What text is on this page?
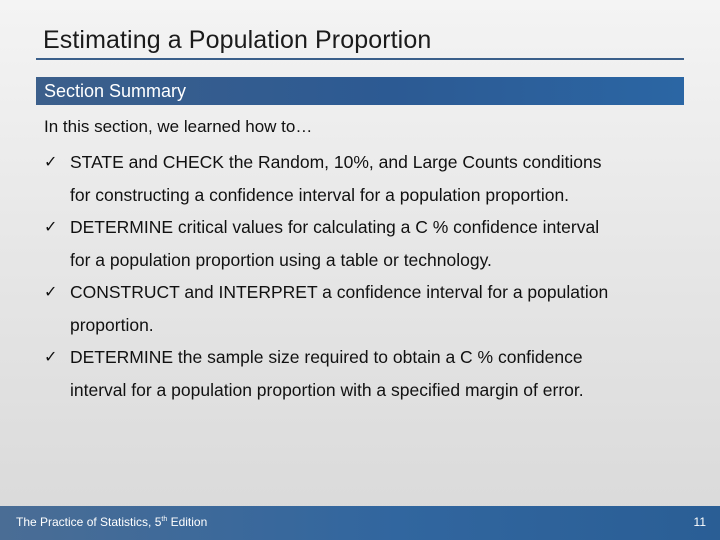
Estimating a Population Proportion
Section Summary
In this section, we learned how to…
✓ STATE and CHECK the Random, 10%, and Large Counts conditions
for constructing a confidence interval for a population proportion.
✓ DETERMINE critical values for calculating a C % confidence interval
for a population proportion using a table or technology.
✓ CONSTRUCT and INTERPRET a confidence interval for a population
proportion.
✓ DETERMINE the sample size required to obtain a C % confidence
interval for a population proportion with a specified margin of error.
The Practice of Statistics, 5th Edition	11
